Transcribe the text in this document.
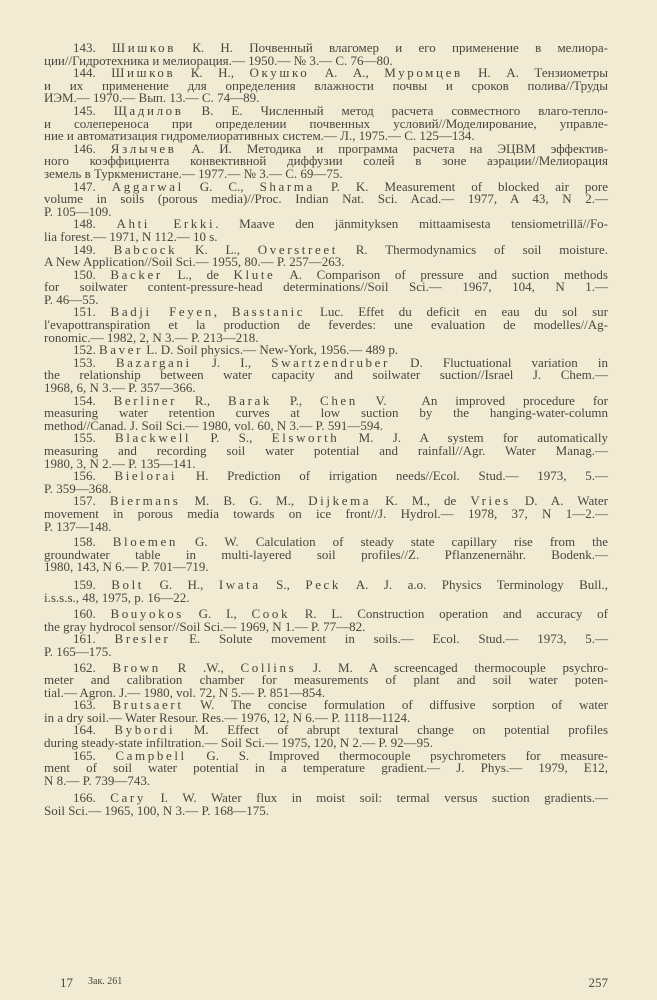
143. Шишков К. Н. Почвенный влагомер и его применение в мелиора-
ции//Гидротехника и мелиорация.— 1950.— № 3.— С. 76—80.
144. Шишков К. Н., Окушко А. А., Муромцев Н. А. Тензиометры
и их применение для определения влажности почвы и сроков полива//Труды
ИЭМ.— 1970.— Вып. 13.— С. 74—89.
145. Щадилов В. Е. Численный метод расчета совместного влаго-тепло-
и солепереноса при определении почвенных условий//Моделирование, управле-
ние и автоматизация гидромелиоративных систем.— Л., 1975.— С. 125—134.
146. Язлычев А. И. Методика и программа расчета на ЭЦВМ эффектив-
ного коэффициента конвективной диффузии солей в зоне аэрации//Мелиорация
земель в Туркменистане.— 1977.— № 3.— С. 69—75.
147. Aggarwal G. C., Sharma P. K. Measurement of blocked air pore
volume in soils (porous media)//Proc. Indian Nat. Sci. Acad.— 1977, A 43, N 2.—
P. 105—109.
148. Ahti Erkki. Maave den jänmityksen mittaamisesta tensiometrillä//Fo-
lia forest.— 1971, N 112.— 10 s.
149. Babcock K. L., Overstreet R. Thermodynamics of soil moisture.
A New Application//Soil Sci.— 1955, 80.— P. 257—263.
150. Backer L., de Klute A. Comparison of pressure and suction methods
for soilwater content-pressure-head determinations//Soil Sci.— 1967, 104, N 1.—
P. 46—55.
151. Badji Feyen, Basstanic Luc. Effet du deficit en eau du sol sur
l'evapottranspiration et la production de feverdes: une evaluation de modelles//Ag-
ronomic.— 1982, 2, N 3.— P. 213—218.
152. Baver L. D. Soil physics.— New-York, 1956.— 489 p.
153. Bazargani J. I., Swartzendruber D. Fluctuational variation in
the relationship between water capacity and soilwater suction//Israel J. Chem.—
1968, 6, N 3.— P. 357—366.
154. Berliner R., Barak P., Chen V.  An improved procedure for
measuring water retention curves at low suction by the hanging-water-column
method//Canad. J. Soil Sci.— 1980, vol. 60, N 3.— P. 591—594.
155. Blackwell P. S., Elsworth M. J. A system for automatically
measuring and recording soil water potential and rainfall//Agr. Water Manag.—
1980, 3, N 2.— P. 135—141.
156. Bielorai H. Prediction of irrigation needs//Ecol. Stud.— 1973, 5.—
P. 359—368.
157. Biermans M. B. G. M., Dijkema K. M., de Vries D. A. Water
movement in porous media towards on ice front//J. Hydrol.— 1978, 37, N 1—2.—
P. 137—148.
158. Bloemen G. W. Calculation of steady state capillary rise from the
groundwater table in multi-layered soil profiles//Z. Pflanzenernähr. Bodenk.—
1980, 143, N 6.— P. 701—719.
159. Bolt G. H., Iwata S., Peck A. J. a.o. Physics Terminology Bull.,
i.s.s.s., 48, 1975, p. 16—22.
160. Bouyokos G. I., Cook R. L. Construction operation and accuracy of
the gray hydrocol sensor//Soil Sci.— 1969, N 1.— P. 77—82.
161. Bresler E. Solute movement in soils.— Ecol. Stud.— 1973, 5.—
P. 165—175.
162. Brown R .W., Collins J. M. A screencaged thermocouple psychro-
meter and calibration chamber for measurements of plant and soil water poten-
tial.— Agron. J.— 1980, vol. 72, N 5.— P. 851—854.
163. Brutsaert W. The concise formulation of diffusive sorption of water
in a dry soil.— Water Resour. Res.— 1976, 12, N 6.— P. 1118—1124.
164. Bybordi M. Effect of abrupt textural change on potential profiles
during steady-state infiltration.— Soil Sci.— 1975, 120, N 2.— P. 92—95.
165. Campbell G. S. Improved thermocouple psychrometers for measure-
ment of soil water potential in a temperature gradient.— J. Phys.— 1979, E12,
N 8.— P. 739—743.
166. Cary I. W. Water flux in moist soil: termal versus suction gradients.—
Soil Sci.— 1965, 100, N 3.— P. 168—175.
17 Зак. 261	257
